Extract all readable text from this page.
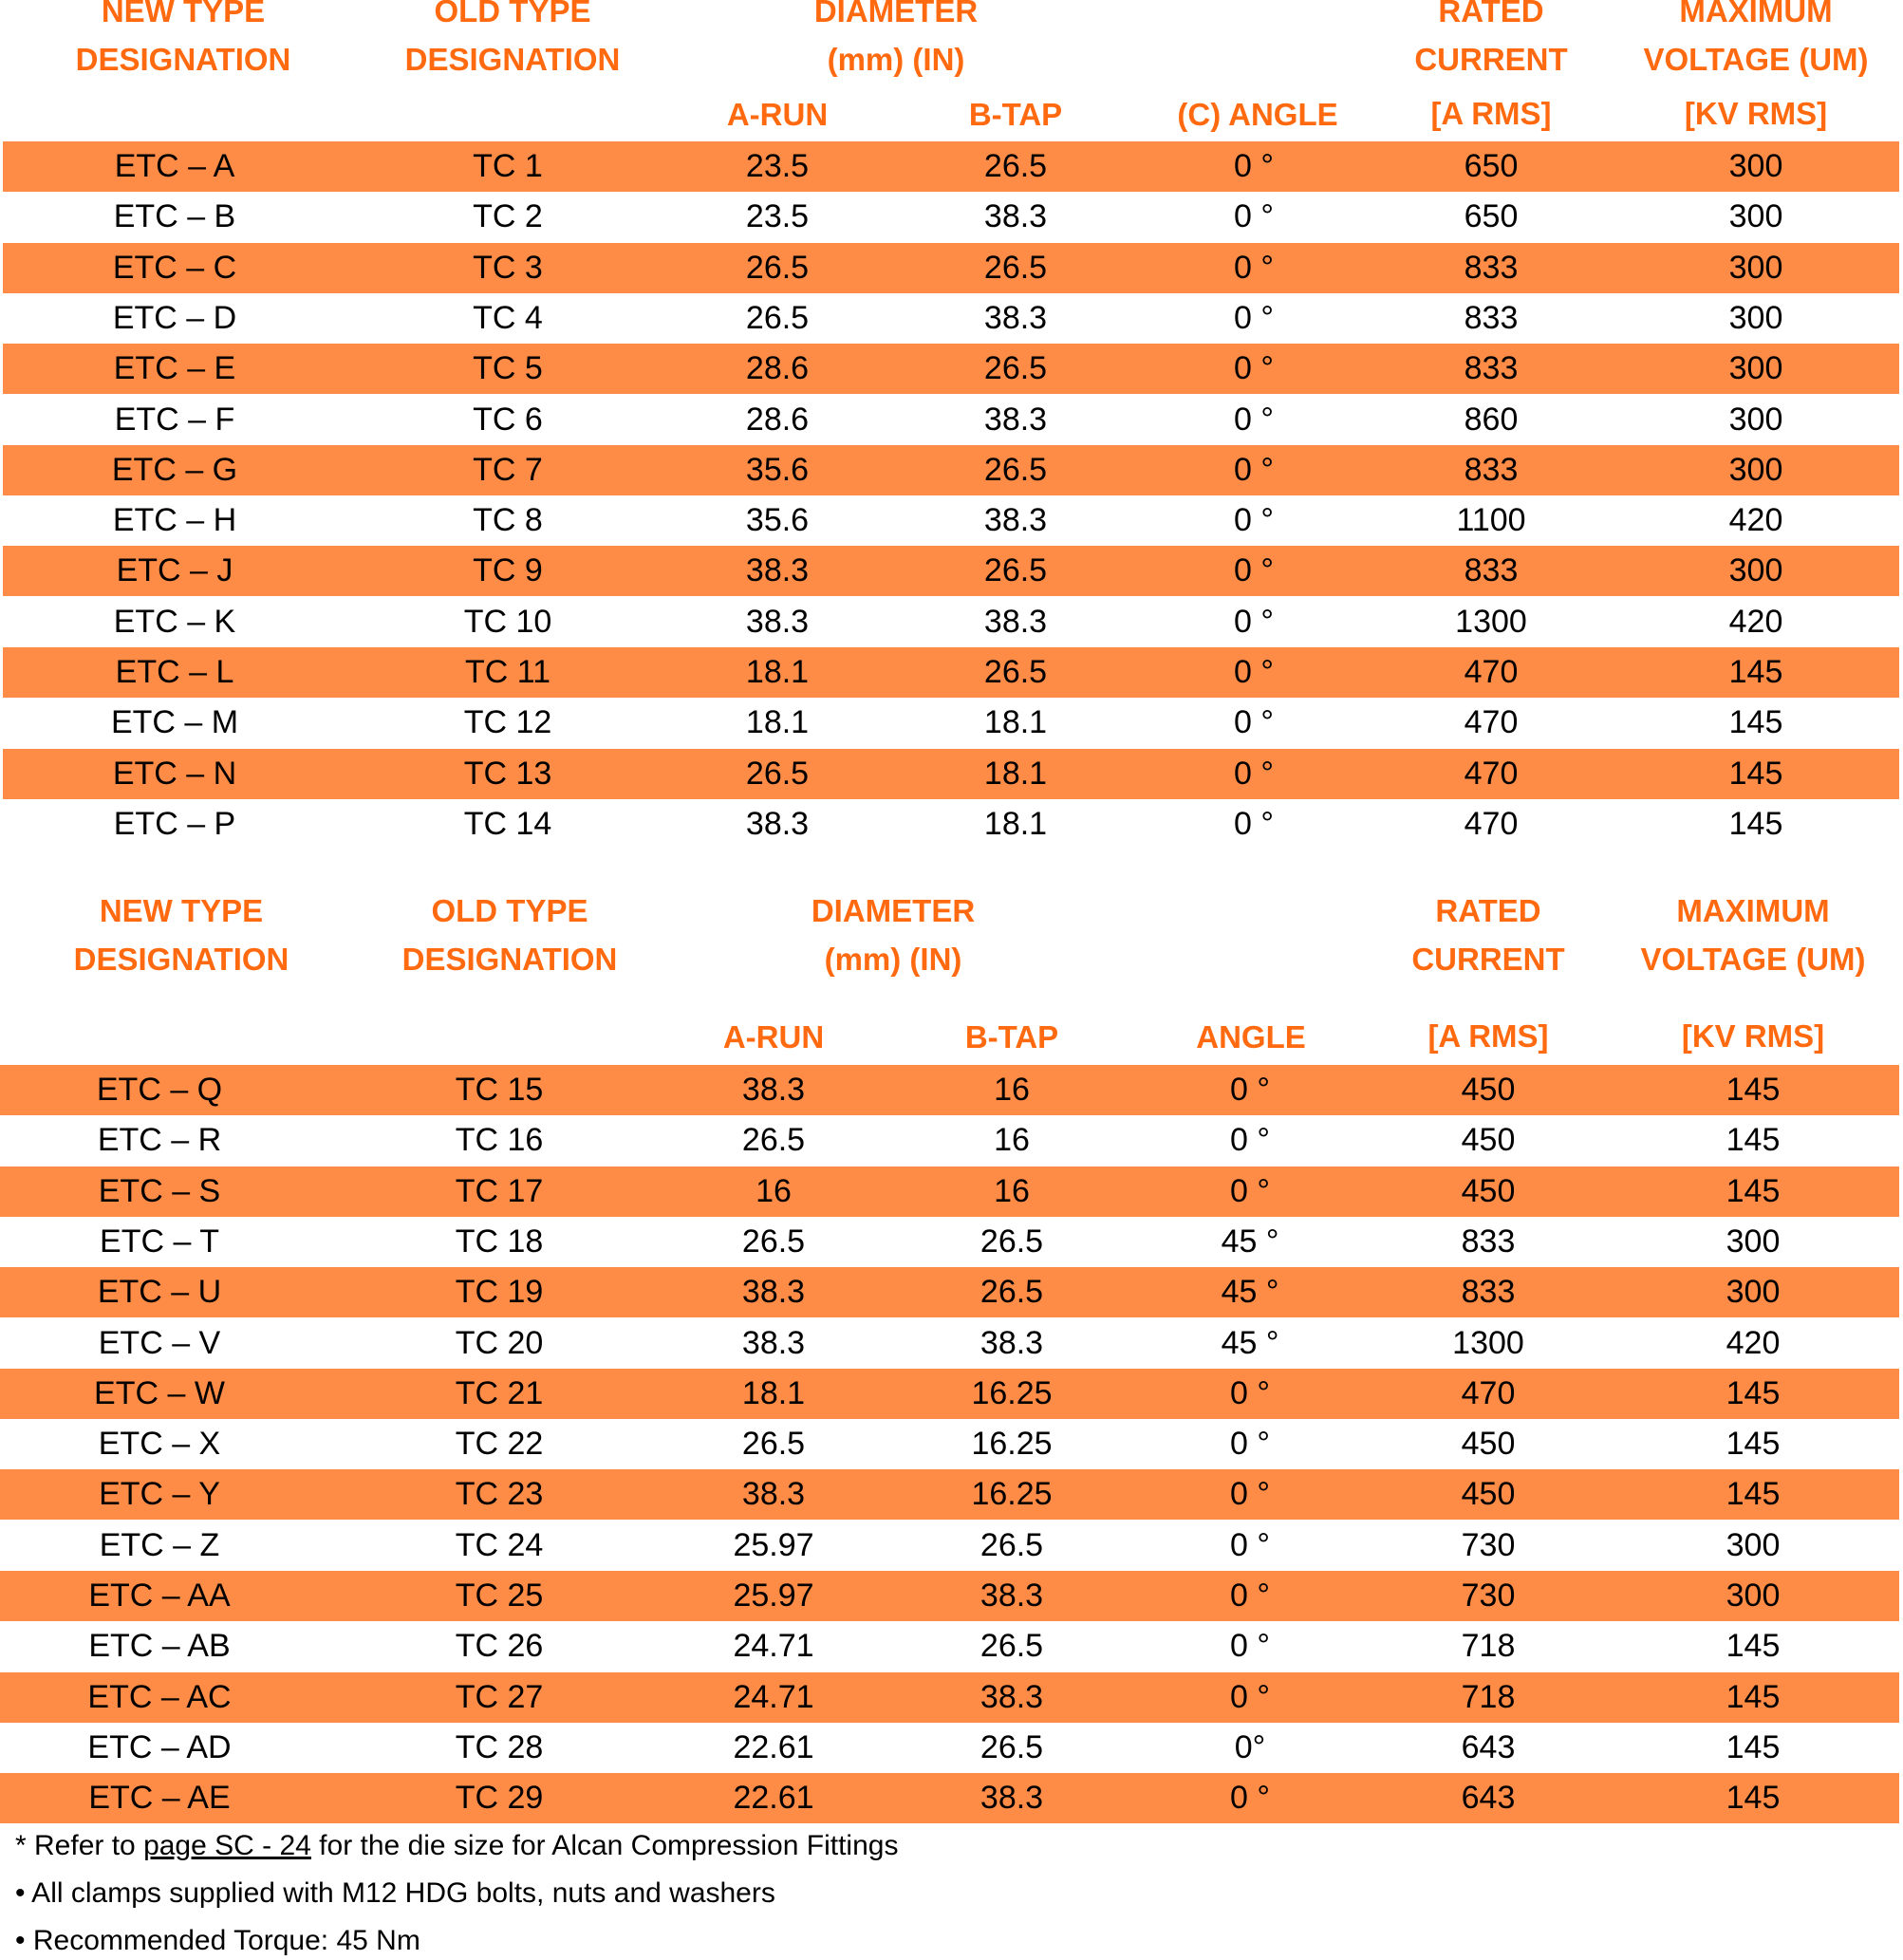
NEW TYPE
DESIGNATION
OLD TYPE
DESIGNATION
DIAMETER
(mm) (IN)
A-RUN	B-TAP	(C) ANGLE
RATED
CURRENT
[A RMS]
MAXIMUM
VOLTAGE (UM)
[KV RMS]
ETC – A	TC 1	23.5	26.5	0 °	650	300
ETC – B	TC 2	23.5	38.3	0 °	650	300
ETC – C	TC 3	26.5	26.5	0 °	833	300
ETC – D	TC 4	26.5	38.3	0 °	833	300
ETC – E	TC 5	28.6	26.5	0 °	833	300
ETC – F	TC 6	28.6	38.3	0 °	860	300
ETC – G	TC 7	35.6	26.5	0 °	833	300
ETC – H	TC 8	35.6	38.3	0 °	1100	420
ETC – J	TC 9	38.3	26.5	0 °	833	300
ETC – K	TC 10	38.3	38.3	0 °	1300	420
ETC – L	TC 11	18.1	26.5	0 °	470	145
ETC – M	TC 12	18.1	18.1	0 °	470	145
ETC – N	TC 13	26.5	18.1	0 °	470	145
ETC – P	TC 14	38.3	18.1	0 °	470	145
NEW TYPE
DESIGNATION
OLD TYPE
DESIGNATION
DIAMETER
(mm) (IN)
A-RUN	B-TAP	ANGLE
RATED
CURRENT
[A RMS]
MAXIMUM
VOLTAGE (UM)
[KV RMS]
ETC – Q	TC 15	38.3	16	0 °	450	145
ETC – R	TC 16	26.5	16	0 °	450	145
ETC – S	TC 17	16	16	0 °	450	145
ETC – T	TC 18	26.5	26.5	45 °	833	300
ETC – U	TC 19	38.3	26.5	45 °	833	300
ETC – V	TC 20	38.3	38.3	45 °	1300	420
ETC – W	TC 21	18.1	16.25	0 °	470	145
ETC – X	TC 22	26.5	16.25	0 °	450	145
ETC – Y	TC 23	38.3	16.25	0 °	450	145
ETC – Z	TC 24	25.97	26.5	0 °	730	300
ETC – AA	TC 25	25.97	38.3	0 °	730	300
ETC – AB	TC 26	24.71	26.5	0 °	718	145
ETC – AC	TC 27	24.71	38.3	0 °	718	145
ETC – AD	TC 28	22.61	26.5	0°	643	145
ETC – AE	TC 29	22.61	38.3	0 °	643	145
* Refer to page SC - 24 for the die size for Alcan Compression Fittings
• All clamps supplied with M12 HDG bolts, nuts and washers
• Recommended Torque: 45 Nm
